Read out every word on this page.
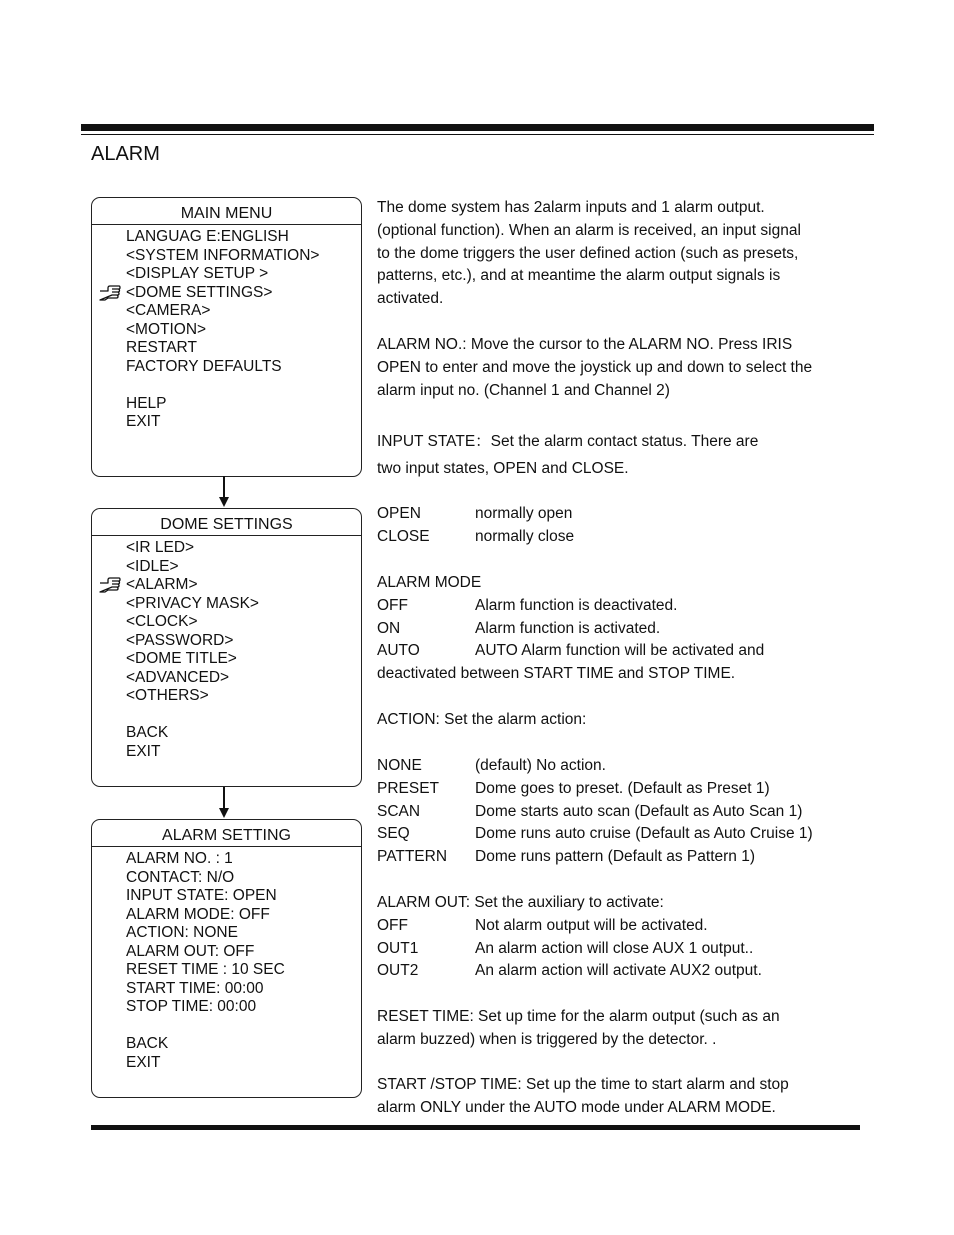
ALARM
MAIN MENU
LANGUAG E:ENGLISH
<SYSTEM INFORMATION>
<DISPLAY SETUP >
<DOME SETTINGS>
<CAMERA>
<MOTION>
RESTART
FACTORY DEFAULTS
HELP
EXIT
DOME SETTINGS
<IR LED>
<IDLE>
<ALARM>
<PRIVACY MASK>
<CLOCK>
<PASSWORD>
<DOME TITLE>
<ADVANCED>
<OTHERS>
BACK
EXIT
ALARM SETTING
ALARM NO. : 1
CONTACT: N/O
INPUT STATE: OPEN
ALARM MODE: OFF
ACTION: NONE
ALARM OUT: OFF
RESET TIME : 10 SEC
START TIME: 00:00
STOP TIME: 00:00
BACK
EXIT
The dome system has 2alarm inputs and 1 alarm output.
(optional function). When an alarm is received, an input signal
to the dome triggers the user defined action (such as presets,
patterns, etc.), and at meantime the alarm output signals is
activated.
ALARM NO.: Move the cursor to the ALARM NO. Press IRIS
OPEN to enter and move the joystick up and down to select the
alarm input no. (Channel 1 and Channel 2)
INPUT STATE：Set the alarm contact status. There are
two input states, OPEN and CLOSE.
OPEN	normally open
CLOSE	normally close
ALARM MODE
OFF	Alarm function is deactivated.
ON	Alarm function is activated.
AUTO	AUTO Alarm function will be activated and
deactivated between START TIME and STOP TIME.
ACTION: Set the alarm action:
NONE	(default) No action.
PRESET Dome goes to preset. (Default as Preset 1)
SCAN	Dome starts auto scan (Default as Auto Scan 1)
SEQ	Dome runs auto cruise (Default as Auto Cruise 1)
PATTERN Dome runs pattern (Default as Pattern 1)
ALARM OUT: Set the auxiliary to activate:
OFF	Not alarm output will be activated.
OUT1	An alarm action will close AUX 1 output..
OUT2	An alarm action will activate AUX2 output.
RESET TIME: Set up time for the alarm output (such as an
alarm buzzed) when is triggered by the detector. .
START /STOP TIME: Set up the time to start alarm and stop
alarm ONLY under the AUTO mode under ALARM MODE.
